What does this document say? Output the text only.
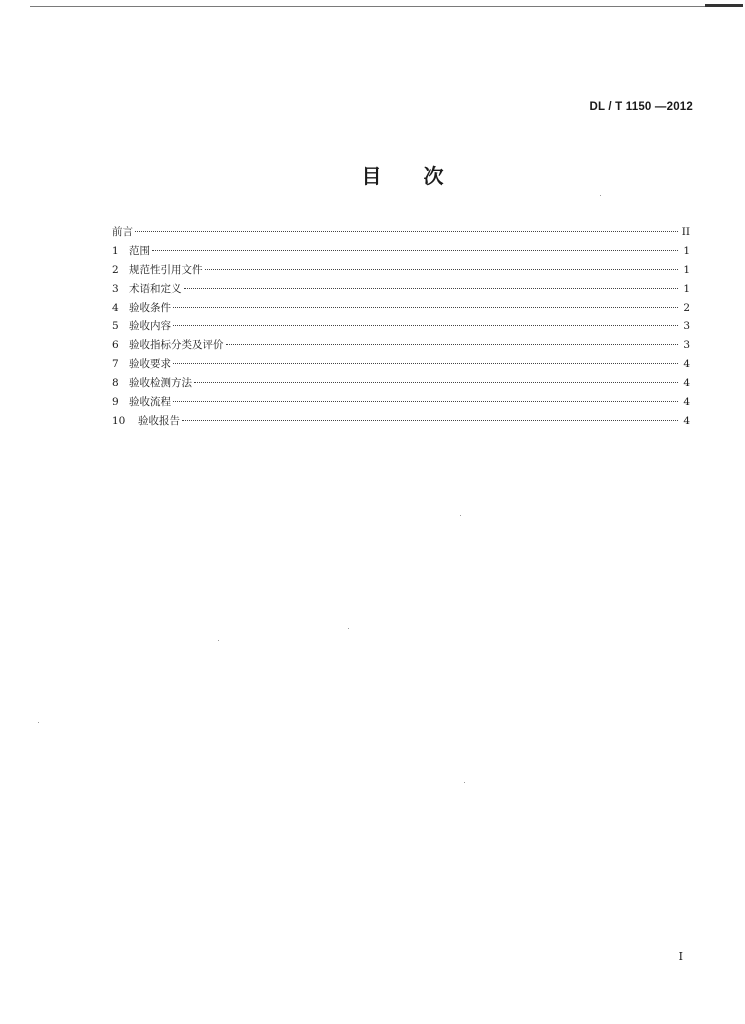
DL / T 1150 —2012
目 次
前言	II
1 范围	1
2 规范性引用文件	1
3 术语和定义	1
4 验收条件	2
5 验收内容	3
6 验收指标分类及评价	3
7 验收要求	4
8 验收检测方法	4
9 验收流程	4
10	验收报告	4
I
